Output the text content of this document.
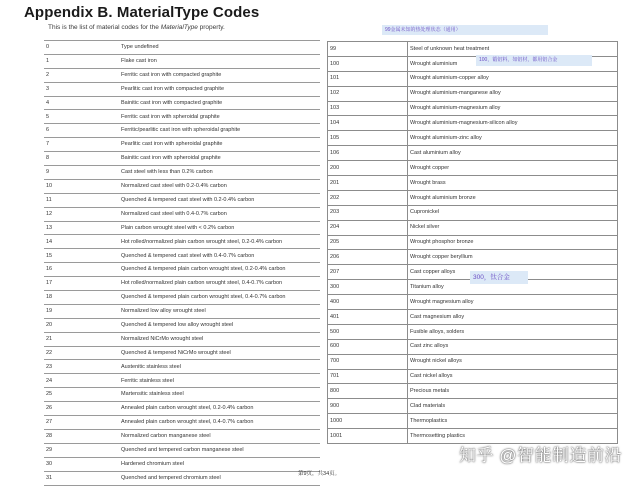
Appendix B. MaterialType Codes
This is the list of material codes for the MaterialType property.
0	Type undefined
1	Flake cast iron
2	Ferritic cast iron with compacted graphite
3	Pearlitic cast iron with compacted graphite
4	Bainitic cast iron with compacted graphite
5	Ferritic cast iron with spheroidal graphite
6	Ferritic/pearlitic cast iron with spheroidal graphite
7	Pearlitic cast iron with spheroidal graphite
8	Bainitic cast iron with spheroidal graphite
9	Cast steel with less than 0.2% carbon
10	Normalized cast steel with 0.2-0.4% carbon
11	Quenched & tempered cast steel with 0.2-0.4% carbon
12	Normalized cast steel with 0.4-0.7% carbon
13	Plain carbon wrought steel with < 0.2% carbon
14	Hot rolled/normalized plain carbon wrought steel, 0.2-0.4% carbon
15	Quenched & tempered cast steel with 0.4-0.7% carbon
16	Quenched & tempered plain carbon wrought steel, 0.2-0.4% carbon
17	Hot rolled/normalized plain carbon wrought steel, 0.4-0.7% carbon
18	Quenched & tempered plain carbon wrought steel, 0.4-0.7% carbon
19	Normalized low alloy wrought steel
20	Quenched & tempered low alloy wrought steel
21	Normalized NiCrMo wrought steel
22	Quenched & tempered NiCrMo wrought steel
23	Austenitic stainless steel
24	Ferritic stainless steel
25	Martensitic stainless steel
26	Annealed plain carbon wrought steel, 0.2-0.4% carbon
27	Annealed plain carbon wrought steel, 0.4-0.7% carbon
28	Normalized carbon manganese steel
29	Quenched and tempered carbon manganese steel
30	Hardened chromium steel
31	Quenched and tempered chromium steel
99	Steel of unknown heat treatment
100	Wrought aluminium
101	Wrought aluminium-copper alloy
102	Wrought aluminium-manganese alloy
103	Wrought aluminium-magnesium alloy
104	Wrought aluminium-magnesium-silicon alloy
105	Wrought aluminium-zinc alloy
106	Cast aluminium alloy
200	Wrought copper
201	Wrought brass
202	Wrought aluminium bronze
203	Cupronickel
204	Nickel silver
205	Wrought phosphor bronze
206	Wrought copper beryllium
207	Cast copper alloys
300	Titanium alloy
400	Wrought magnesium alloy
401	Cast magnesium alloy
500	Fusible alloys, solders
600	Cast zinc alloys
700	Wrought nickel alloys
701	Cast nickel alloys
800	Precious metals
900	Clad materials
1000	Thermoplastics
1001	Thermosetting plastics
99金属未知的热处理状态（通用）
100，锻铝料，如铝材，都用铝合金
300，钛合金
第9页，共34页。
知乎 @智能制造前沿
